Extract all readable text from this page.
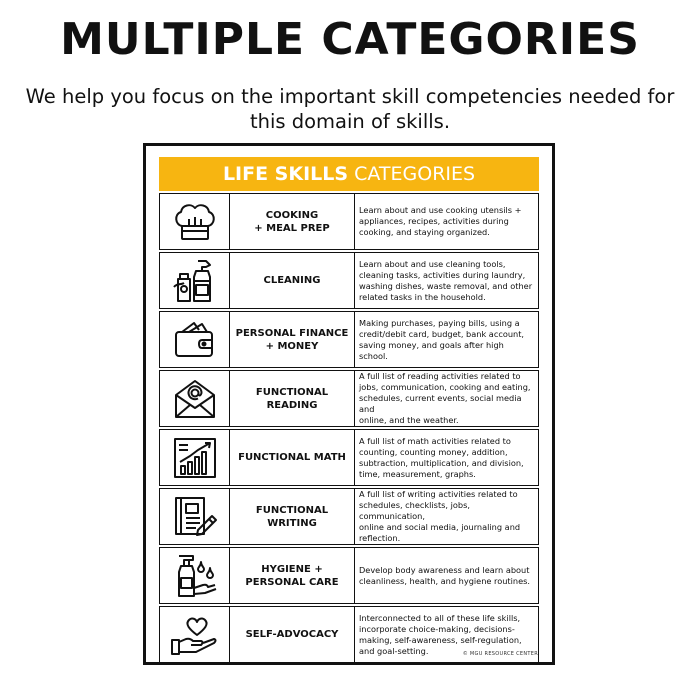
MULTIPLE CATEGORIES
We help you focus on the important skill competencies needed for this domain of skills.
LIFE SKILLS CATEGORIES
COOKING
+ MEAL PREP
Learn about and use cooking utensils +
appliances, recipes, activities during
cooking, and staying organized.
CLEANING
Learn about and use cleaning tools,
cleaning tasks, activities during laundry,
washing dishes, waste removal, and other
related tasks in the household.
PERSONAL FINANCE
+ MONEY
Making purchases, paying bills, using a
credit/debit card, budget, bank account,
saving money, and goals after high school.
FUNCTIONAL READING
A full list of reading activities related to
jobs, communication, cooking and eating,
schedules, current events, social media and
online, and the weather.
FUNCTIONAL MATH
A full list of math activities related to
counting, counting money, addition,
subtraction, multiplication, and division,
time, measurement, graphs.
FUNCTIONAL WRITING
A full list of writing activities related to
schedules, checklists, jobs, communication,
online and social media, journaling and
reflection.
HYGIENE +
PERSONAL CARE
Develop body awareness and learn about
cleanliness, health, and hygiene routines.
SELF-ADVOCACY
Interconnected to all of these life skills,
incorporate choice-making, decisions-
making, self-awareness, self-regulation,
and goal-setting.	© MGU RESOURCE CENTER
